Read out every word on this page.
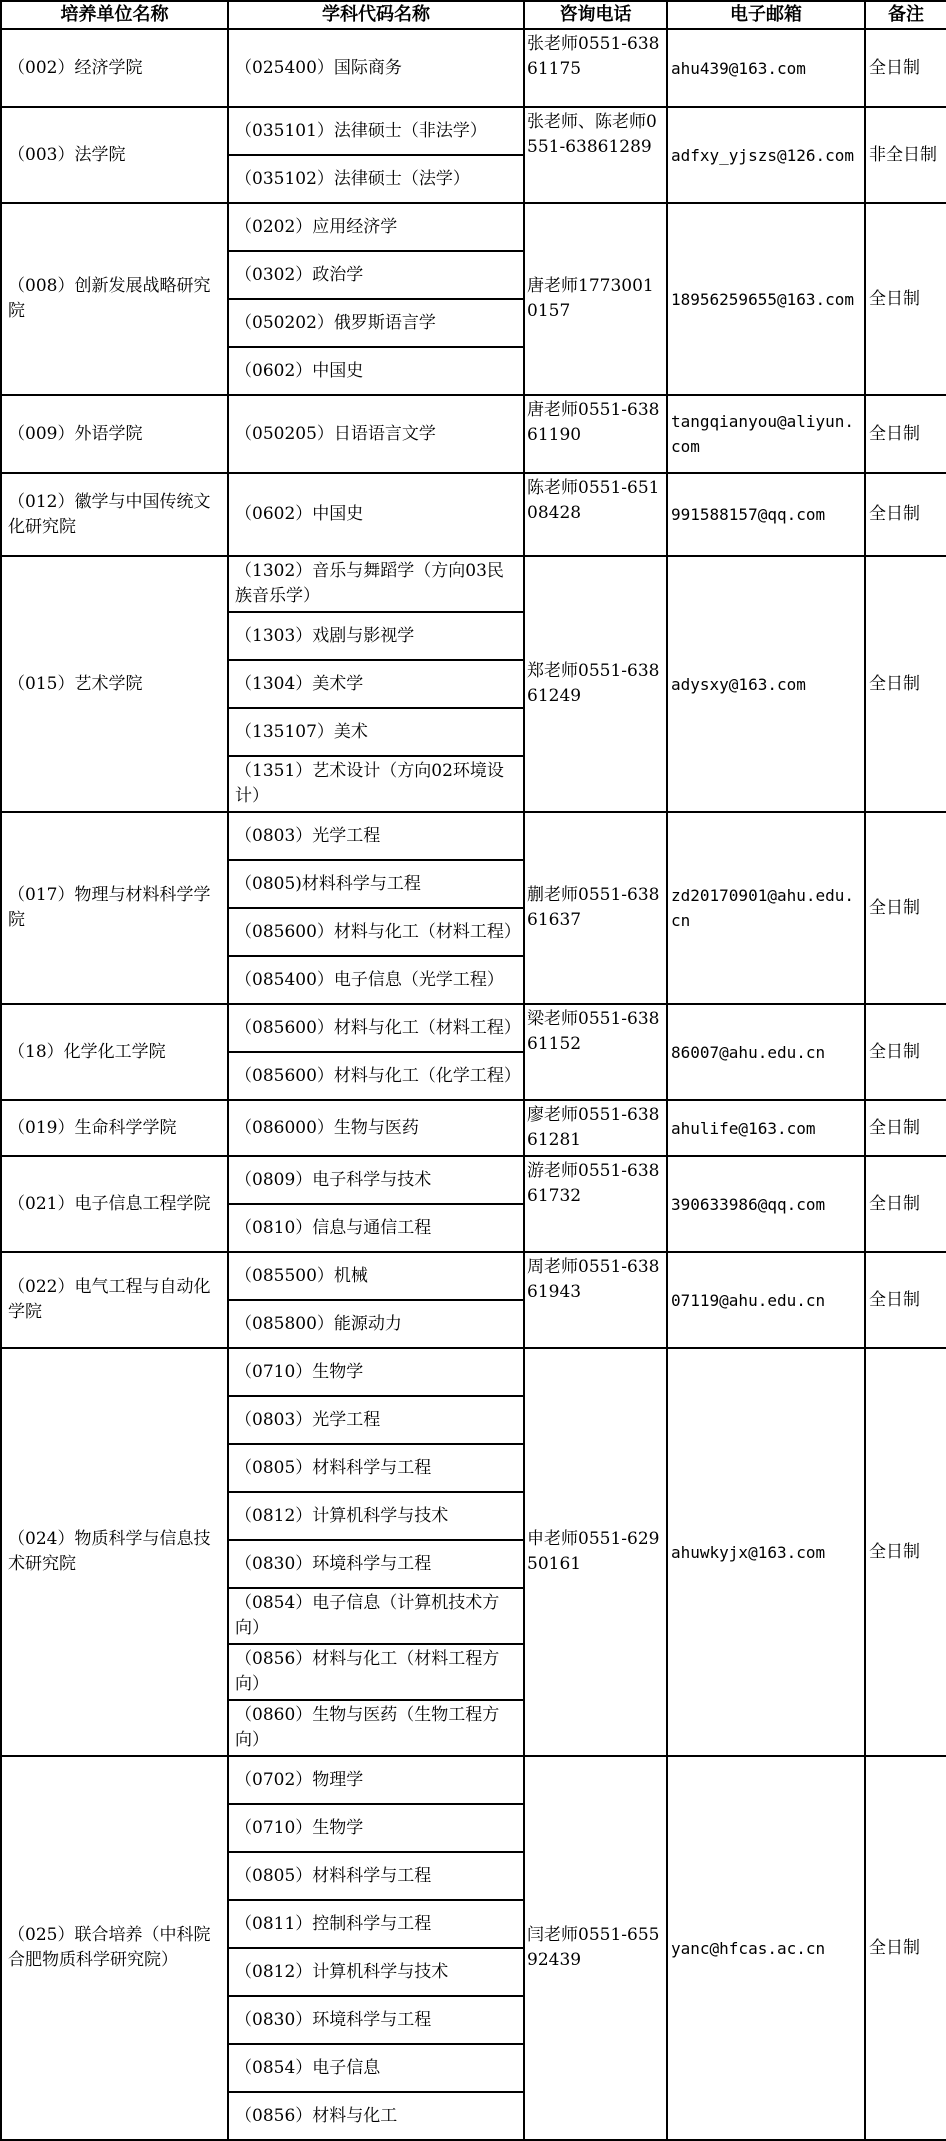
培养单位名称	学科代码名称	咨询电话	电子邮箱	备注
（002）经济学院	（025400）国际商务	张老师0551-63861175	ahu439@163.com	全日制
（003）法学院	（035101）法律硕士（非法学）	张老师、陈老师0551-63861289	adfxy_yjszs@126.com	非全日制
	（035102）法律硕士（法学）			
（008）创新发展战略研究院	（0202）应用经济学	唐老师17730010157	18956259655@163.com	全日制
	（0302）政治学			
	（050202）俄罗斯语言学			
	（0602）中国史			
（009）外语学院	（050205）日语语言文学	唐老师0551-63861190	tangqianyou@aliyun.com	全日制
（012）徽学与中国传统文化研究院	（0602）中国史	陈老师0551-65108428	991588157@qq.com	全日制
（015）艺术学院	（1302）音乐与舞蹈学（方向03民族音乐学）	郑老师0551-63861249	adysxy@163.com	全日制
	（1303）戏剧与影视学			
	（1304）美术学			
	（135107）美术			
	（1351）艺术设计（方向02环境设计）			
（017）物理与材料科学学院	（0803）光学工程	蒯老师0551-63861637	zd20170901@ahu.edu.cn	全日制
	（0805)材料科学与工程			
	（085600）材料与化工（材料工程）			
	（085400）电子信息（光学工程）			
（18）化学化工学院	（085600）材料与化工（材料工程）	梁老师0551-63861152	86007@ahu.edu.cn	全日制
	（085600）材料与化工（化学工程）			
（019）生命科学学院	（086000）生物与医药	廖老师0551-63861281	ahulife@163.com	全日制
（021）电子信息工程学院	（0809）电子科学与技术	游老师0551-63861732	390633986@qq.com	全日制
	（0810）信息与通信工程			
（022）电气工程与自动化学院	（085500）机械	周老师0551-63861943	07119@ahu.edu.cn	全日制
	（085800）能源动力			
（024）物质科学与信息技术研究院	（0710）生物学	申老师0551-62950161	ahuwkyjx@163.com	全日制
	（0803）光学工程			
	（0805）材料科学与工程			
	（0812）计算机科学与技术			
	（0830）环境科学与工程			
	（0854）电子信息（计算机技术方向）			
	（0856）材料与化工（材料工程方向）			
	（0860）生物与医药（生物工程方向）			
（025）联合培养（中科院合肥物质科学研究院）	（0702）物理学	闫老师0551-65592439	yanc@hfcas.ac.cn	全日制
	（0710）生物学			
	（0805）材料科学与工程			
	（0811）控制科学与工程			
	（0812）计算机科学与技术			
	（0830）环境科学与工程			
	（0854）电子信息			
	（0856）材料与化工			
